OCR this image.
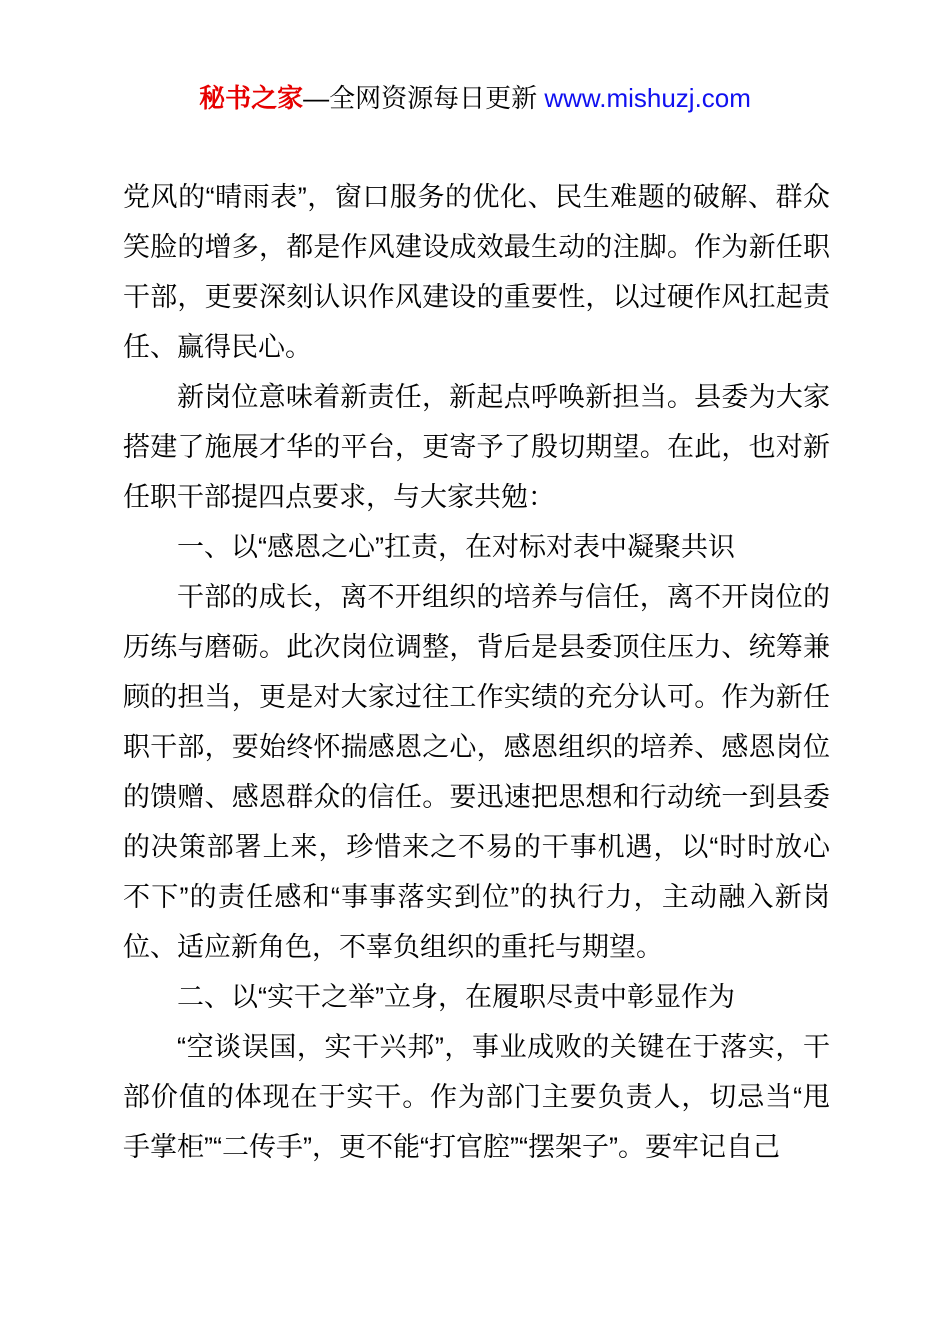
秘书之家—全网资源每日更新 www.mishuzj.com

党风的“晴雨表”，窗口服务的优化、民生难题的破解、群众笑脸的增多，都是作风建设成效最生动的注脚。作为新任职干部，更要深刻认识作风建设的重要性，以过硬作风扛起责任、赢得民心。

新岗位意味着新责任，新起点呼唤新担当。县委为大家搭建了施展才华的平台，更寄予了殷切期望。在此，也对新任职干部提四点要求，与大家共勉：

一、以“感恩之心”扛责，在对标对表中凝聚共识

干部的成长，离不开组织的培养与信任，离不开岗位的历练与磨砺。此次岗位调整，背后是县委顶住压力、统筹兼顾的担当，更是对大家过往工作实绩的充分认可。作为新任职干部，要始终怀揣感恩之心，感恩组织的培养、感恩岗位的馈赠、感恩群众的信任。要迅速把思想和行动统一到县委的决策部署上来，珍惜来之不易的干事机遇，以“时时放心不下”的责任感和“事事落实到位”的执行力，主动融入新岗位、适应新角色，不辜负组织的重托与期望。

二、以“实干之举”立身，在履职尽责中彰显作为

“空谈误国，实干兴邦”，事业成败的关键在于落实，干部价值的体现在于实干。作为部门主要负责人，切忌当“甩手掌柜”“二传手”，更不能“打官腔”“摆架子”。要牢记自己
